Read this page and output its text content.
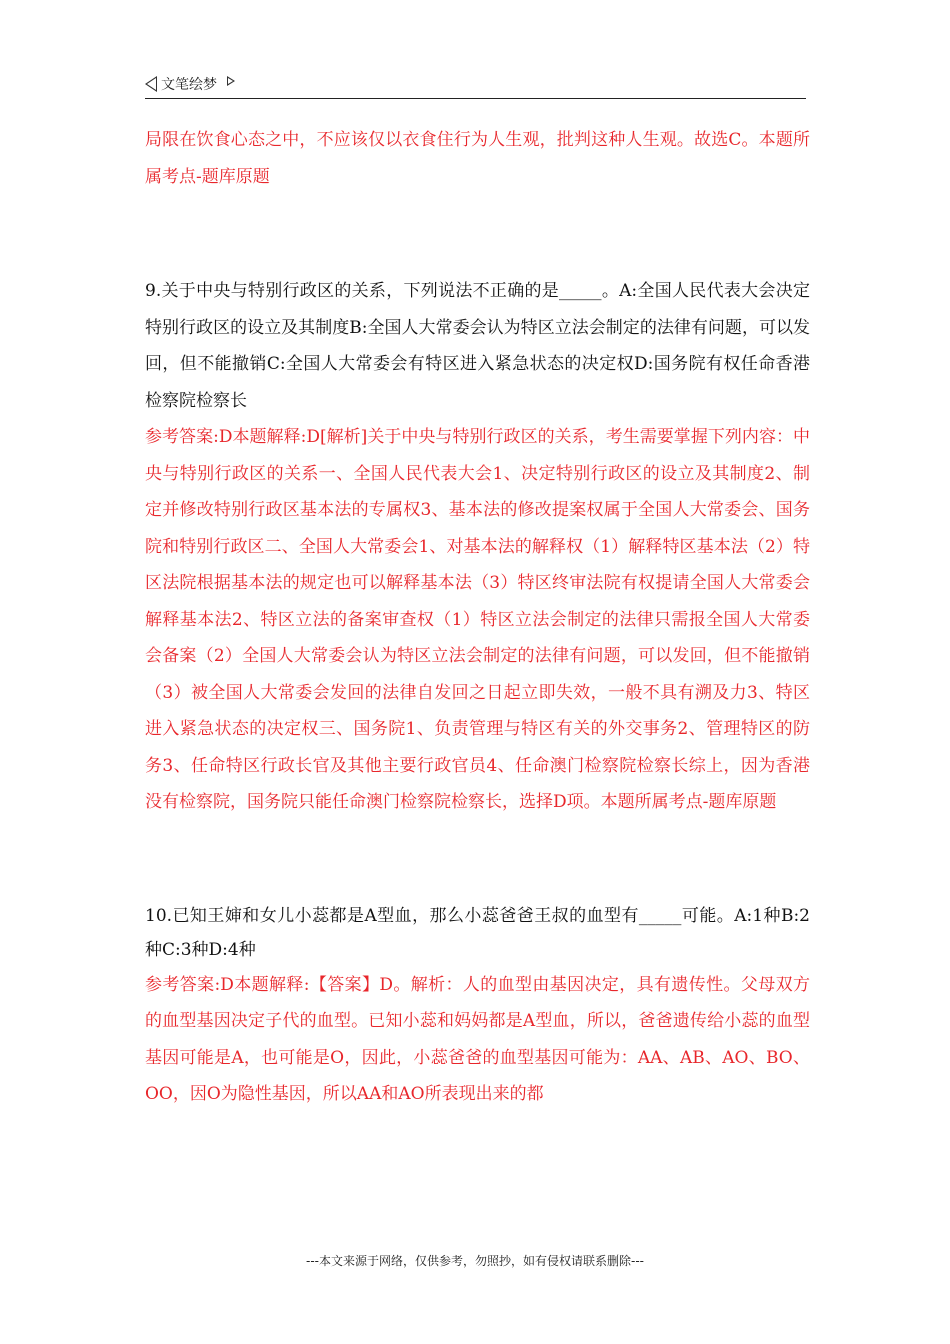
文笔绘梦

局限在饮食心态之中，不应该仅以衣食住行为人生观，批判这种人生观。故选C。本题所属考点-题库原题

9.关于中央与特别行政区的关系，下列说法不正确的是_____。A:全国人民代表大会决定特别行政区的设立及其制度B:全国人大常委会认为特区立法会制定的法律有问题，可以发回，但不能撤销C:全国人大常委会有特区进入紧急状态的决定权D:国务院有权任命香港检察院检察长

参考答案:D本题解释:D[解析]关于中央与特别行政区的关系，考生需要掌握下列内容：中央与特别行政区的关系一、全国人民代表大会1、决定特别行政区的设立及其制度2、制定并修改特别行政区基本法的专属权3、基本法的修改提案权属于全国人大常委会、国务院和特别行政区二、全国人大常委会1、对基本法的解释权（1）解释特区基本法（2）特区法院根据基本法的规定也可以解释基本法（3）特区终审法院有权提请全国人大常委会解释基本法2、特区立法的备案审查权（1）特区立法会制定的法律只需报全国人大常委会备案（2）全国人大常委会认为特区立法会制定的法律有问题，可以发回，但不能撤销（3）被全国人大常委会发回的法律自发回之日起立即失效，一般不具有溯及力3、特区进入紧急状态的决定权三、国务院1、负责管理与特区有关的外交事务2、管理特区的防务3、任命特区行政长官及其他主要行政官员4、任命澳门检察院检察长综上，因为香港没有检察院，国务院只能任命澳门检察院检察长，选择D项。本题所属考点-题库原题

10.已知王婶和女儿小蕊都是A型血，那么小蕊爸爸王叔的血型有_____可能。A:1种B:2种C:3种D:4种

参考答案:D本题解释:【答案】D。解析：人的血型由基因决定，具有遗传性。父母双方的血型基因决定子代的血型。已知小蕊和妈妈都是A型血，所以，爸爸遗传给小蕊的血型基因可能是A，也可能是O，因此，小蕊爸爸的血型基因可能为：AA、AB、AO、BO、OO，因O为隐性基因，所以AA和AO所表现出来的都

---本文来源于网络，仅供参考，勿照抄，如有侵权请联系删除---
